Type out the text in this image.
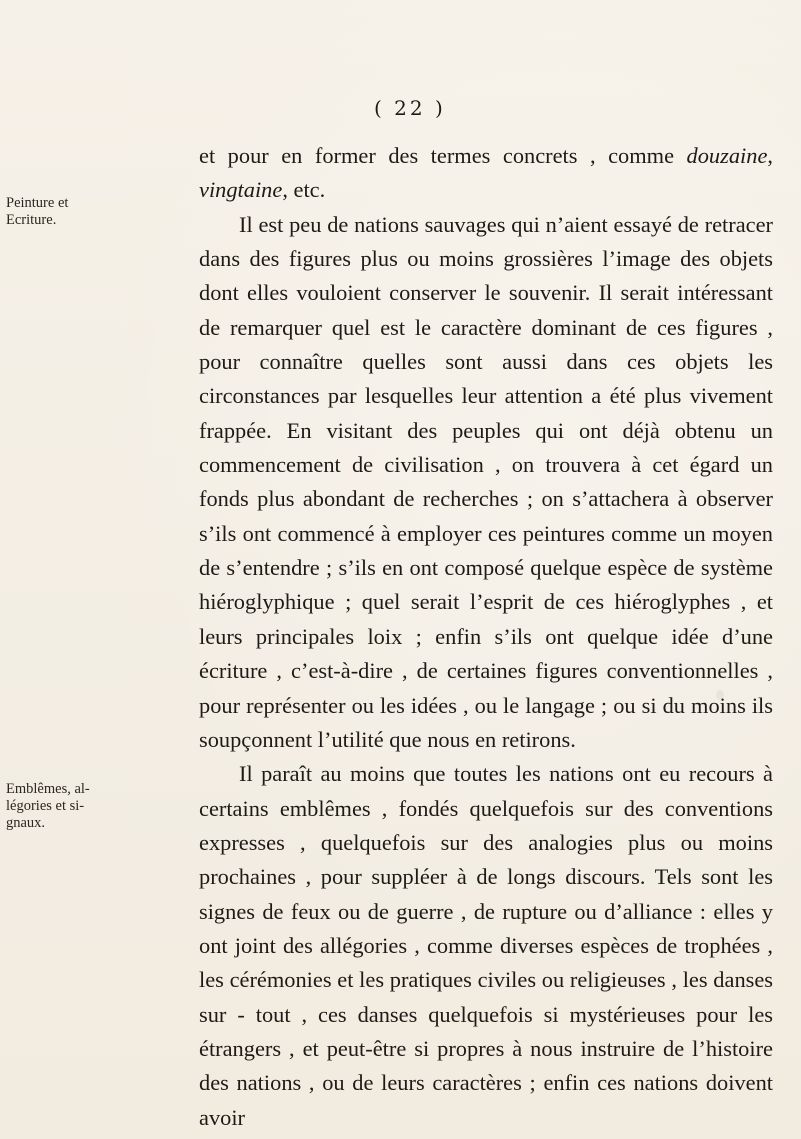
( 22 )
Peinture et
Ecriture.
Emblêmes, al-
légories et si-
gnaux.

et pour en former des termes concrets , comme douzaine, vingtaine, etc.

Il est peu de nations sauvages qui n’aient essayé de retracer dans des figures plus ou moins grossières l’image des objets dont elles vouloient conserver le souvenir. Il serait intéressant de remarquer quel est le caractère dominant de ces figures , pour connaître quelles sont aussi dans ces objets les circonstances par lesquelles leur attention a été plus vivement frappée. En visitant des peuples qui ont déjà obtenu un commencement de civilisation , on trouvera à cet égard un fonds plus abondant de recherches ; on s’attachera à observer s’ils ont commencé à employer ces peintures comme un moyen de s’entendre ; s’ils en ont composé quelque espèce de système hiéroglyphique ; quel serait l’esprit de ces hiéroglyphes , et leurs principales loix ; enfin s’ils ont quelque idée d’une écriture , c’est-à-dire , de certaines figures conventionnelles , pour représenter ou les idées , ou le langage ; ou si du moins ils soupçonnent l’utilité que nous en retirons.

Il paraît au moins que toutes les nations ont eu recours à certains emblêmes , fondés quelquefois sur des conventions expresses , quelquefois sur des analogies plus ou moins prochaines , pour suppléer à de longs discours. Tels sont les signes de feux ou de guerre , de rupture ou d’alliance : elles y ont joint des allégories , comme diverses espèces de trophées , les cérémonies et les pratiques civiles ou religieuses , les danses sur - tout , ces danses quelquefois si mystérieuses pour les étrangers , et peut-être si propres à nous instruire de l’histoire des nations , ou de leurs caractères ; enfin ces nations doivent avoir
